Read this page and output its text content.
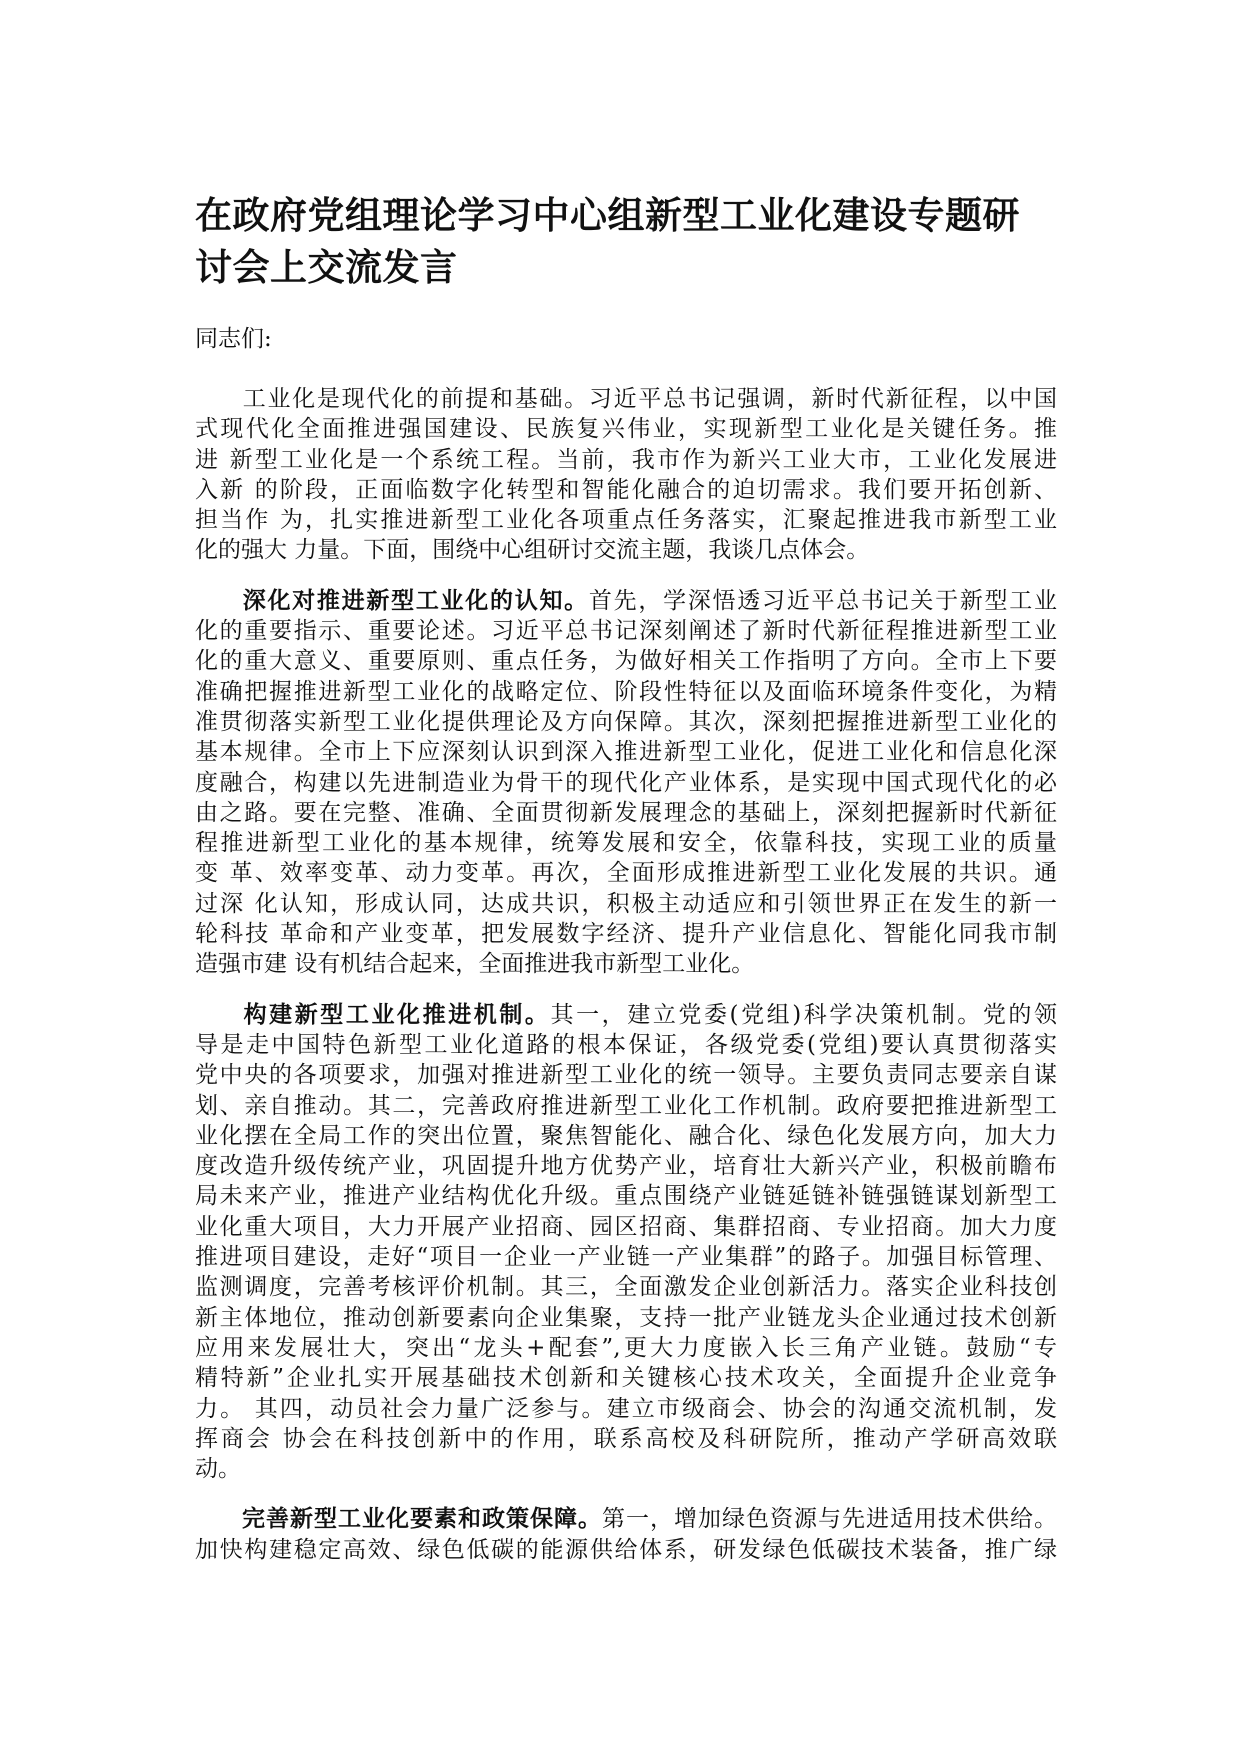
在政府党组理论学习中心组新型工业化建设专题研
讨会上交流发言
同志们:
工业化是现代化的前提和基础。习近平总书记强调，新时代新征程，以中国
式现代化全面推进强国建设、民族复兴伟业，实现新型工业化是关键任务。推
进 新型工业化是一个系统工程。当前，我市作为新兴工业大市，工业化发展进
入新 的阶段，正面临数字化转型和智能化融合的迫切需求。我们要开拓创新、
担当作 为，扎实推进新型工业化各项重点任务落实，汇聚起推进我市新型工业
化的强大 力量。下面，围绕中心组研讨交流主题，我谈几点体会。
深化对推进新型工业化的认知。首先，学深悟透习近平总书记关于新型工业
化的重要指示、重要论述。习近平总书记深刻阐述了新时代新征程推进新型工业
化的重大意义、重要原则、重点任务，为做好相关工作指明了方向。全市上下要
准确把握推进新型工业化的战略定位、阶段性特征以及面临环境条件变化，为精
准贯彻落实新型工业化提供理论及方向保障。其次，深刻把握推进新型工业化的
基本规律。全市上下应深刻认识到深入推进新型工业化，促进工业化和信息化深
度融合，构建以先进制造业为骨干的现代化产业体系，是实现中国式现代化的必
由之路。要在完整、准确、全面贯彻新发展理念的基础上，深刻把握新时代新征
程推进新型工业化的基本规律，统筹发展和安全，依靠科技，实现工业的质量
变 革、效率变革、动力变革。再次，全面形成推进新型工业化发展的共识。通
过深 化认知，形成认同，达成共识，积极主动适应和引领世界正在发生的新一
轮科技 革命和产业变革，把发展数字经济、提升产业信息化、智能化同我市制
造强市建 设有机结合起来，全面推进我市新型工业化。
构建新型工业化推进机制。其一，建立党委(党组)科学决策机制。党的领
导是走中国特色新型工业化道路的根本保证，各级党委(党组)要认真贯彻落实
党中央的各项要求，加强对推进新型工业化的统一领导。主要负责同志要亲自谋
划、亲自推动。其二，完善政府推进新型工业化工作机制。政府要把推进新型工
业化摆在全局工作的突出位置，聚焦智能化、融合化、绿色化发展方向，加大力
度改造升级传统产业，巩固提升地方优势产业，培育壮大新兴产业，积极前瞻布
局未来产业，推进产业结构优化升级。重点围绕产业链延链补链强链谋划新型工
业化重大项目，大力开展产业招商、园区招商、集群招商、专业招商。加大力度
推进项目建设，走好“项目一企业一产业链一产业集群”的路子。加强目标管理、
监测调度，完善考核评价机制。其三，全面激发企业创新活力。落实企业科技创
新主体地位，推动创新要素向企业集聚，支持一批产业链龙头企业通过技术创新
应用来发展壮大，突出“龙头+配套”,更大力度嵌入长三角产业链。鼓励“专
精特新”企业扎实开展基础技术创新和关键核心技术攻关，全面提升企业竞争
力。 其四，动员社会力量广泛参与。建立市级商会、协会的沟通交流机制，发
挥商会 协会在科技创新中的作用，联系高校及科研院所，推动产学研高效联
动。
完善新型工业化要素和政策保障。第一，增加绿色资源与先进适用技术供给。
加快构建稳定高效、绿色低碳的能源供给体系，研发绿色低碳技术装备，推广绿
